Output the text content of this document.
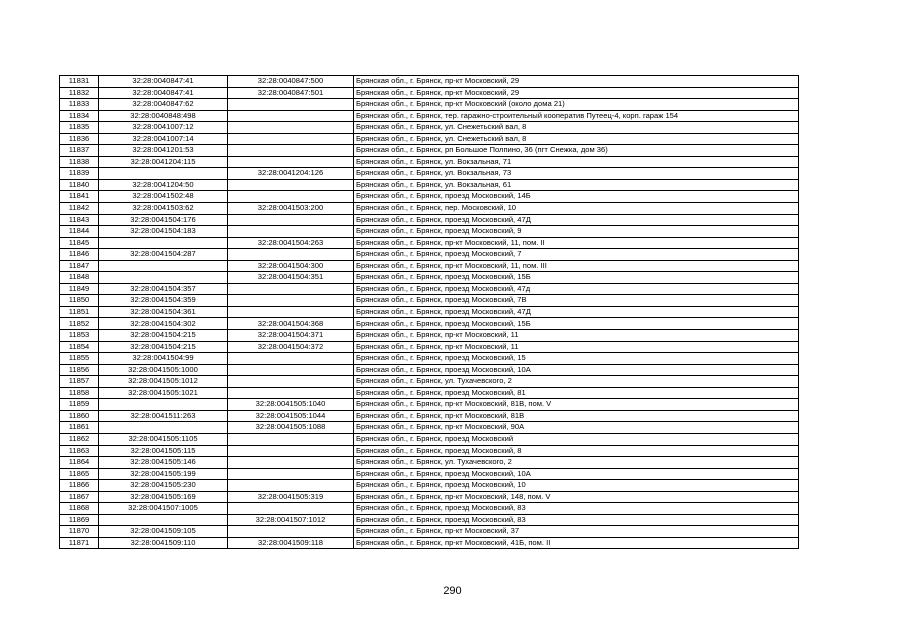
11831	32:28:0040847:41	32:28:0040847:500	Брянская обл., г. Брянск, пр-кт Московский, 29
11832	32:28:0040847:41	32:28:0040847:501	Брянская обл., г. Брянск, пр-кт Московский, 29
11833	32:28:0040847:62		Брянская обл., г. Брянск, пр-кт Московский (около дома 21)
11834	32:28:0040848:498		Брянская обл., г. Брянск, тер. гаражно-строительный кооператив Путеец-4, корп. гараж 154
11835	32:28:0041007:12		Брянская обл., г. Брянск, ул. Снежетьский вал, 8
11836	32:28:0041007:14		Брянская обл., г. Брянск, ул. Снежетьский вал, 8
11837	32:28:0041201:53		Брянская обл., г. Брянск, рп Большое Полпино, 36 (пгт Снежка, дом 36)
11838	32:28:0041204:115		Брянская обл., г. Брянск, ул. Вокзальная, 71
11839		32:28:0041204:126	Брянская обл., г. Брянск, ул. Вокзальная, 73
11840	32:28:0041204:50		Брянская обл., г. Брянск, ул. Вокзальная, 61
11841	32:28:0041502:48		Брянская обл., г. Брянск, проезд Московский, 14Б
11842	32:28:0041503:62	32:28:0041503:200	Брянская обл., г. Брянск, пер. Московский, 10
11843	32:28:0041504:176		Брянская обл., г. Брянск, проезд Московский, 47Д
11844	32:28:0041504:183		Брянская обл., г. Брянск, проезд Московский, 9
11845		32:28:0041504:263	Брянская обл., г. Брянск, пр-кт Московский, 11, пом. II
11846	32:28:0041504:287		Брянская обл., г. Брянск, проезд Московский, 7
11847		32:28:0041504:300	Брянская обл., г. Брянск, пр-кт Московский, 11, пом. III
11848		32:28:0041504:351	Брянская обл., г. Брянск, проезд Московский, 15Б
11849	32:28:0041504:357		Брянская обл., г. Брянск, проезд Московский, 47д
11850	32:28:0041504:359		Брянская обл., г. Брянск, проезд Московский, 7В
11851	32:28:0041504:361		Брянская обл., г. Брянск, проезд Московский, 47Д
11852	32:28:0041504:302	32:28:0041504:368	Брянская обл., г. Брянск, проезд Московский, 15Б
11853	32:28:0041504:215	32:28:0041504:371	Брянская обл., г. Брянск, пр-кт Московский, 11
11854	32:28:0041504:215	32:28:0041504:372	Брянская обл., г. Брянск, пр-кт Московский, 11
11855	32:28:0041504:99		Брянская обл., г. Брянск, проезд Московский, 15
11856	32:28:0041505:1000		Брянская обл., г. Брянск, проезд Московский, 10А
11857	32:28:0041505:1012		Брянская обл., г. Брянск, ул. Тухачевского, 2
11858	32:28:0041505:1021		Брянская обл., г. Брянск, проезд Московский, 81
11859		32:28:0041505:1040	Брянская обл., г. Брянск, пр-кт Московский, 81В, пом. V
11860	32:28:0041511:263	32:28:0041505:1044	Брянская обл., г. Брянск, пр-кт Московский, 81В
11861		32:28:0041505:1088	Брянская обл., г. Брянск, пр-кт Московский, 90А
11862	32:28:0041505:1105		Брянская обл., г. Брянск, проезд Московский
11863	32:28:0041505:115		Брянская обл., г. Брянск, проезд Московский, 8
11864	32:28:0041505:146		Брянская обл., г. Брянск, ул. Тухачевского, 2
11865	32:28:0041505:199		Брянская обл., г. Брянск, проезд Московский, 10А
11866	32:28:0041505:230		Брянская обл., г. Брянск, проезд Московский, 10
11867	32:28:0041505:169	32:28:0041505:319	Брянская обл., г. Брянск, пр-кт Московский, 148, пом. V
11868	32:28:0041507:1005		Брянская обл., г. Брянск, проезд Московский, 83
11869		32:28:0041507:1012	Брянская обл., г. Брянск, проезд Московский, 83
11870	32:28:0041509:105		Брянская обл., г. Брянск, пр-кт Московский, 37
11871	32:28:0041509:110	32:28:0041509:118	Брянская обл., г. Брянск, пр-кт Московский, 41Б, пом. II
290
